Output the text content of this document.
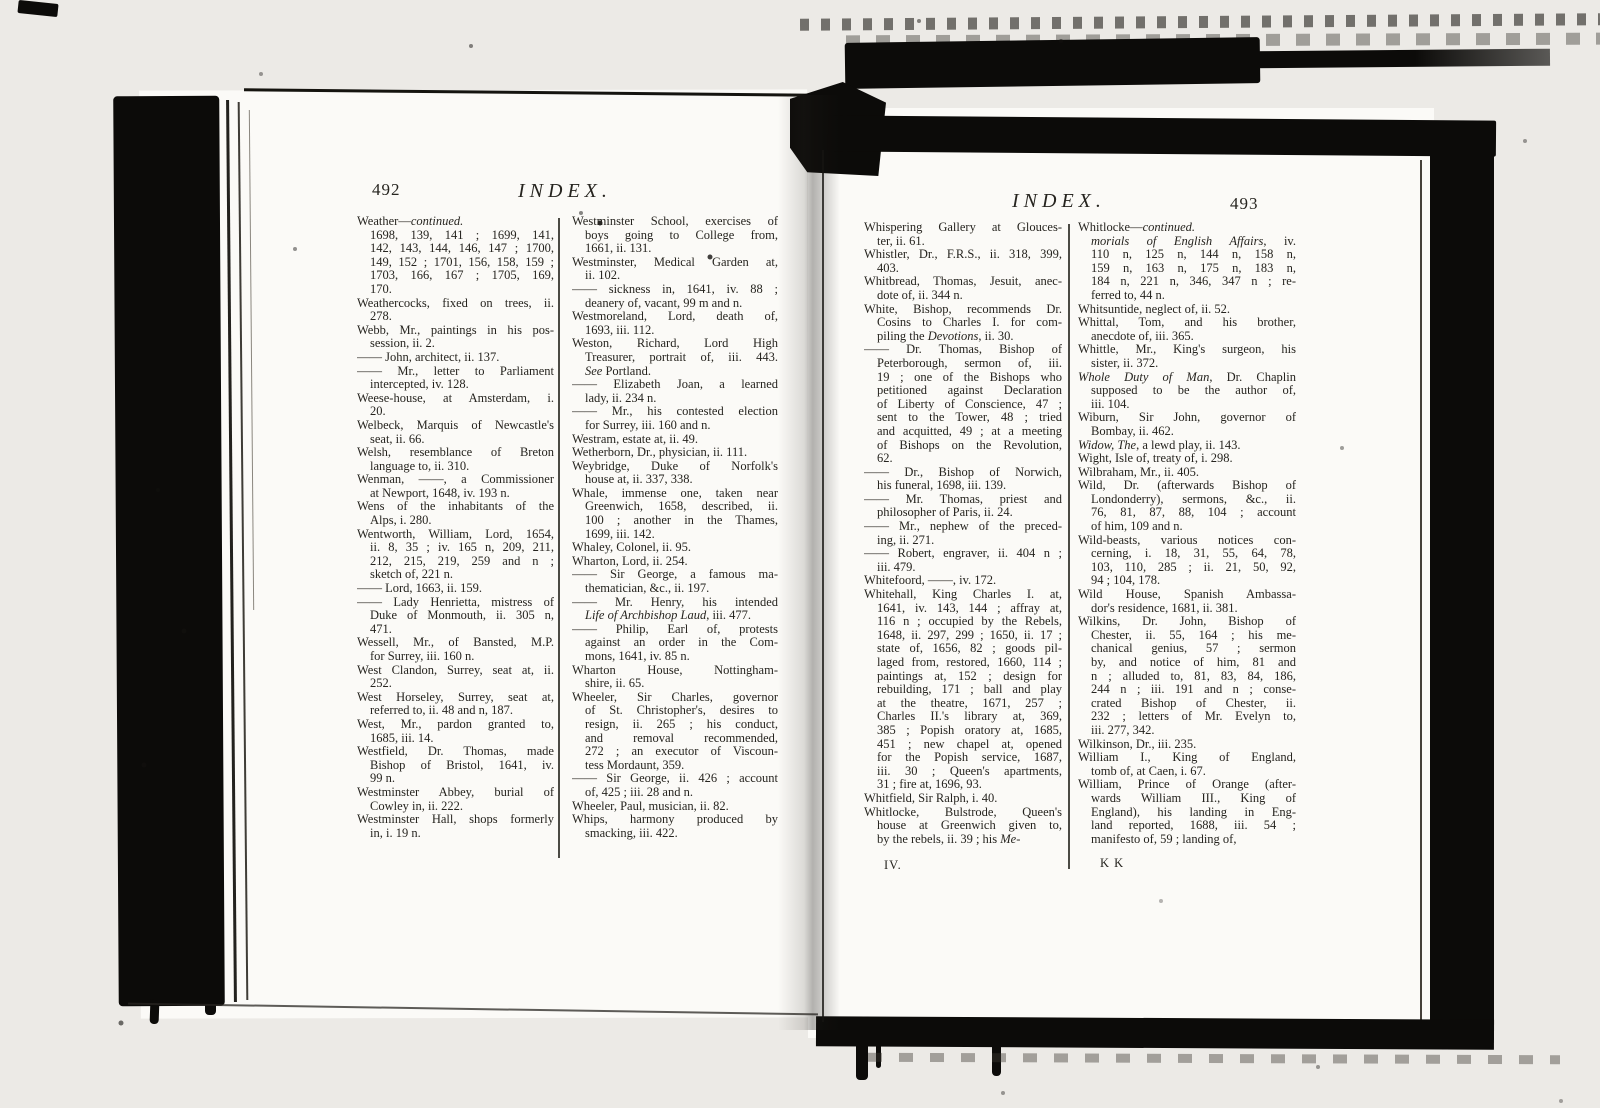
492	INDEX.
Weather—continued.
1698, 139, 141 ; 1699, 141,
142, 143, 144, 146, 147 ; 1700,
149, 152 ; 1701, 156, 158, 159 ;
1703, 166, 167 ; 1705, 169,
170.
Weathercocks, fixed on trees, ii.
278.
Webb, Mr., paintings in his pos-
session, ii. 2.
—— John, architect, ii. 137.
—— Mr., letter to Parliament
intercepted, iv. 128.
Weese-house, at Amsterdam, i.
20.
Welbeck, Marquis of Newcastle's
seat, ii. 66.
Welsh, resemblance of Breton
language to, ii. 310.
Wenman, ——, a Commissioner
at Newport, 1648, iv. 193 n.
Wens of the inhabitants of the
Alps, i. 280.
Wentworth, William, Lord, 1654,
ii. 8, 35 ; iv. 165 n, 209, 211,
212, 215, 219, 259 and n ;
sketch of, 221 n.
—— Lord, 1663, ii. 159.
—— Lady Henrietta, mistress of
Duke of Monmouth, ii. 305 n,
471.
Wessell, Mr., of Bansted, M.P.
for Surrey, iii. 160 n.
West Clandon, Surrey, seat at, ii.
252.
West Horseley, Surrey, seat at,
referred to, ii. 48 and n, 187.
West, Mr., pardon granted to,
1685, iii. 14.
Westfield, Dr. Thomas, made
Bishop of Bristol, 1641, iv.
99 n.
Westminster Abbey, burial of
Cowley in, ii. 222.
Westminster Hall, shops formerly
in, i. 19 n.
Westminster School, exercises of
boys going to College from,
1661, ii. 131.
Westminster, Medical Garden at,
ii. 102.
—— sickness in, 1641, iv. 88 ;
deanery of, vacant, 99 m and n.
Westmoreland, Lord, death of,
1693, iii. 112.
Weston, Richard, Lord High
Treasurer, portrait of, iii. 443.
See Portland.
—— Elizabeth Joan, a learned
lady, ii. 234 n.
—— Mr., his contested election
for Surrey, iii. 160 and n.
Westram, estate at, ii. 49.
Wetherborn, Dr., physician, ii. 111.
Weybridge, Duke of Norfolk's
house at, ii. 337, 338.
Whale, immense one, taken near
Greenwich, 1658, described, ii.
100 ; another in the Thames,
1699, iii. 142.
Whaley, Colonel, ii. 95.
Wharton, Lord, ii. 254.
—— Sir George, a famous ma-
thematician, &c., ii. 197.
—— Mr. Henry, his intended
Life of Archbishop Laud, iii. 477.
—— Philip, Earl of, protests
against an order in the Com-
mons, 1641, iv. 85 n.
Wharton House, Nottingham-
shire, ii. 65.
Wheeler, Sir Charles, governor
of St. Christopher's, desires to
resign, ii. 265 ; his conduct,
and removal recommended,
272 ; an executor of Viscoun-
tess Mordaunt, 359.
—— Sir George, ii. 426 ; account
of, 425 ; iii. 28 and n.
Wheeler, Paul, musician, ii. 82.
Whips, harmony produced by
smacking, iii. 422.
INDEX.	493
Whispering Gallery at Glouces-
ter, ii. 61.
Whistler, Dr., F.R.S., ii. 318, 399,
403.
Whitbread, Thomas, Jesuit, anec-
dote of, ii. 344 n.
White, Bishop, recommends Dr.
Cosins to Charles I. for com-
piling the Devotions, ii. 30.
—— Dr. Thomas, Bishop of
Peterborough, sermon of, iii.
19 ; one of the Bishops who
petitioned against Declaration
of Liberty of Conscience, 47 ;
sent to the Tower, 48 ; tried
and acquitted, 49 ; at a meeting
of Bishops on the Revolution,
62.
—— Dr., Bishop of Norwich,
his funeral, 1698, iii. 139.
—— Mr. Thomas, priest and
philosopher of Paris, ii. 24.
—— Mr., nephew of the preced-
ing, ii. 271.
—— Robert, engraver, ii. 404 n ;
iii. 479.
Whitefoord, ——, iv. 172.
Whitehall, King Charles I. at,
1641, iv. 143, 144 ; affray at,
116 n ; occupied by the Rebels,
1648, ii. 297, 299 ; 1650, ii. 17 ;
state of, 1656, 82 ; goods pil-
laged from, restored, 1660, 114 ;
paintings at, 152 ; design for
rebuilding, 171 ; ball and play
at the theatre, 1671, 257 ;
Charles II.'s library at, 369,
385 ; Popish oratory at, 1685,
451 ; new chapel at, opened
for the Popish service, 1687,
iii. 30 ; Queen's apartments,
31 ; fire at, 1696, 93.
Whitfield, Sir Ralph, i. 40.
Whitlocke, Bulstrode, Queen's
house at Greenwich given to,
by the rebels, ii. 39 ; his Me-
Whitlocke—continued.
morials of English Affairs, iv.
110 n, 125 n, 144 n, 158 n,
159 n, 163 n, 175 n, 183 n,
184 n, 221 n, 346, 347 n ; re-
ferred to, 44 n.
Whitsuntide, neglect of, ii. 52.
Whittal, Tom, and his brother,
anecdote of, iii. 365.
Whittle, Mr., King's surgeon, his
sister, ii. 372.
Whole Duty of Man, Dr. Chaplin
supposed to be the author of,
iii. 104.
Wiburn, Sir John, governor of
Bombay, ii. 462.
Widow, The, a lewd play, ii. 143.
Wight, Isle of, treaty of, i. 298.
Wilbraham, Mr., ii. 405.
Wild, Dr. (afterwards Bishop of
Londonderry), sermons, &c., ii.
76, 81, 87, 88, 104 ; account
of him, 109 and n.
Wild-beasts, various notices con-
cerning, i. 18, 31, 55, 64, 78,
103, 110, 285 ; ii. 21, 50, 92,
94 ; 104, 178.
Wild House, Spanish Ambassa-
dor's residence, 1681, ii. 381.
Wilkins, Dr. John, Bishop of
Chester, ii. 55, 164 ; his me-
chanical genius, 57 ; sermon
by, and notice of him, 81 and
n ; alluded to, 81, 83, 84, 186,
244 n ; iii. 191 and n ; conse-
crated Bishop of Chester, ii.
232 ; letters of Mr. Evelyn to,
iii. 277, 342.
Wilkinson, Dr., iii. 235.
William I., King of England,
tomb of, at Caen, i. 67.
William, Prince of Orange (after-
wards William III., King of
England), his landing in Eng-
land reported, 1688, iii. 54 ;
manifesto of, 59 ; landing of,
IV.	K K
